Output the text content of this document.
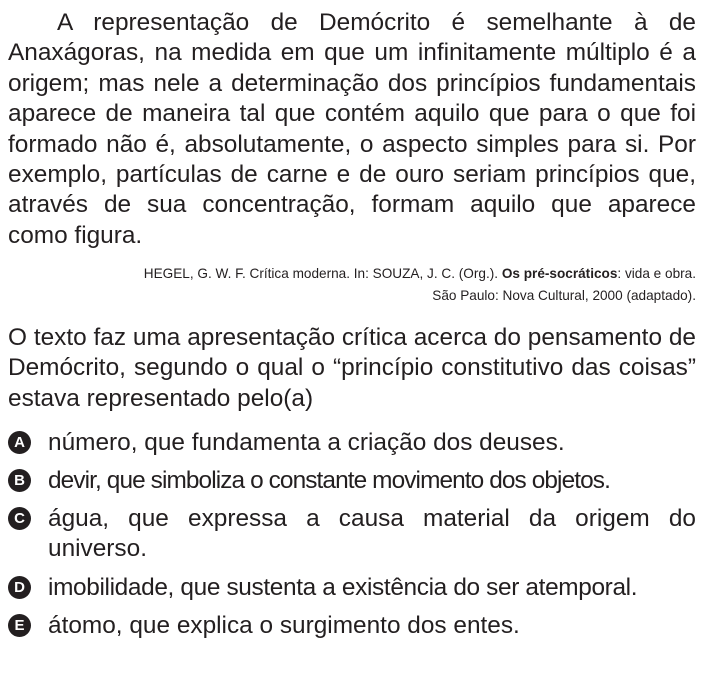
A representação de Demócrito é semelhante à de Anaxágoras, na medida em que um infinitamente múltiplo é a origem; mas nele a determinação dos princípios fundamentais aparece de maneira tal que contém aquilo que para o que foi formado não é, absolutamente, o aspecto simples para si. Por exemplo, partículas de carne e de ouro seriam princípios que, através de sua concentração, formam aquilo que aparece como figura.

HEGEL, G. W. F. Crítica moderna. In: SOUZA, J. C. (Org.). Os pré-socráticos: vida e obra.
São Paulo: Nova Cultural, 2000 (adaptado).

O texto faz uma apresentação crítica acerca do pensamento de Demócrito, segundo o qual o “princípio constitutivo das coisas” estava representado pelo(a)

A número, que fundamenta a criação dos deuses.
B devir, que simboliza o constante movimento dos objetos.
C água, que expressa a causa material da origem do universo.
D imobilidade, que sustenta a existência do ser atemporal.
E átomo, que explica o surgimento dos entes.
